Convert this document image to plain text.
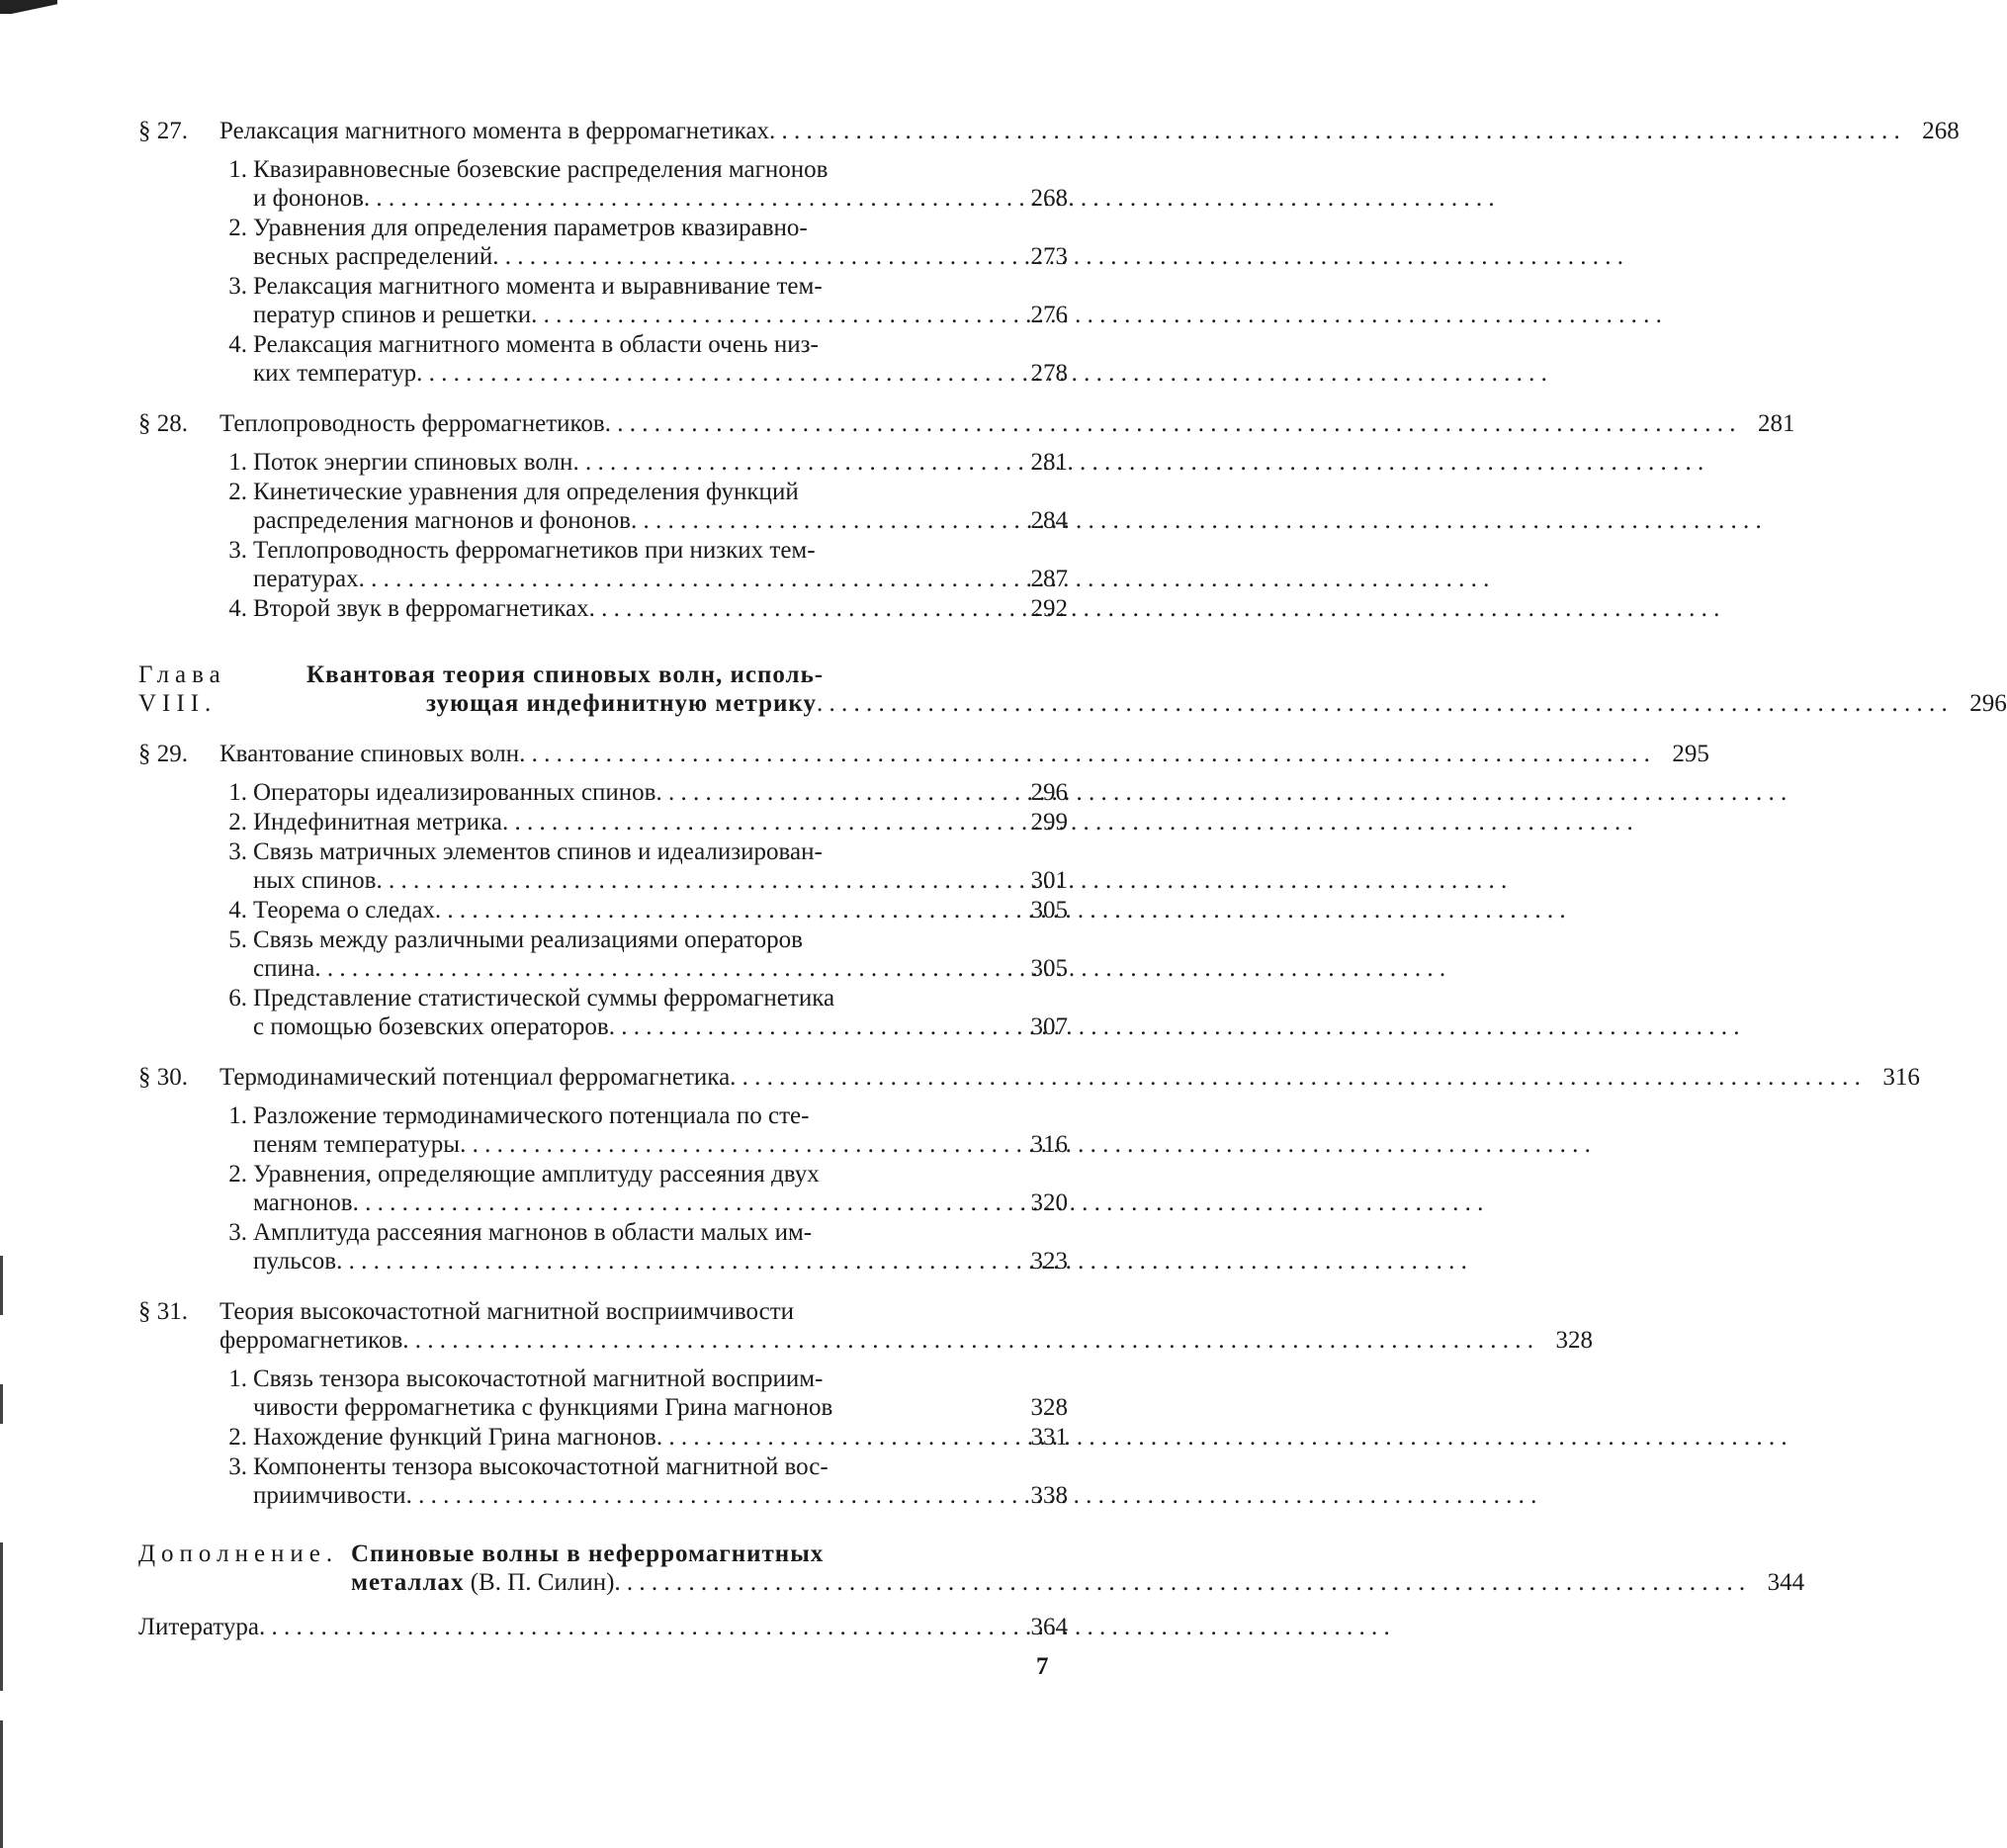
§ 27.	Релаксация магнитного момента в ферромагнетиках . . .	268
1. Квазиравновесные бозевские распределения магнонов
и фононов . . .	268
2. Уравнения для определения параметров квазиравно-
весных распределений . . .	273
3. Релаксация магнитного момента и выравнивание тем-
ператур спинов и решетки . . .	276
4. Релаксация магнитного момента в области очень низ-
ких температур . . .	278
§ 28.	Теплопроводность ферромагнетиков . . .	281
1. Поток энергии спиновых волн . . .	281
2. Кинетические уравнения для определения функций
распределения магнонов и фононов . . .	284
3. Теплопроводность ферромагнетиков при низких тем-
пературах . . .	287
4. Второй звук в ферромагнетиках . . .	292
Глава VIII.
Квантовая теория спиновых волн, исполь-
зующая индефинитную метрику . . .	296
§ 29.	Квантование спиновых волн . . .	295
1. Операторы идеализированных спинов . . .	296
2. Индефинитная метрика . . .	299
3. Связь матричных элементов спинов и идеализирован-
ных спинов . . .	301
4. Теорема о следах . . .	305
5. Связь между различными реализациями операторов
спина . . .	305
6. Представление статистической суммы ферромагнетика
с помощью бозевских операторов . . .	307
§ 30.	Термодинамический потенциал ферромагнетика . . .	316
1. Разложение термодинамического потенциала по сте-
пеням температуры . . .	316
2. Уравнения, определяющие амплитуду рассеяния двух
магнонов . . .	320
3. Амплитуда рассеяния магнонов в области малых им-
пульсов . . .	323
§ 31.	Теория высокочастотной магнитной восприимчивости
ферромагнетиков . . .	328
1. Связь тензора высокочастотной магнитной восприим-
чивости ферромагнетика с функциями Грина магнонов	328
2. Нахождение функций Грина магнонов . . .	331
3. Компоненты тензора высокочастотной магнитной вос-
приимчивости . . .	338
Дополнение. Спиновые волны в неферромагнитных
металлах (В. П. Силин) . . .	344
Литература . . .	364
7
